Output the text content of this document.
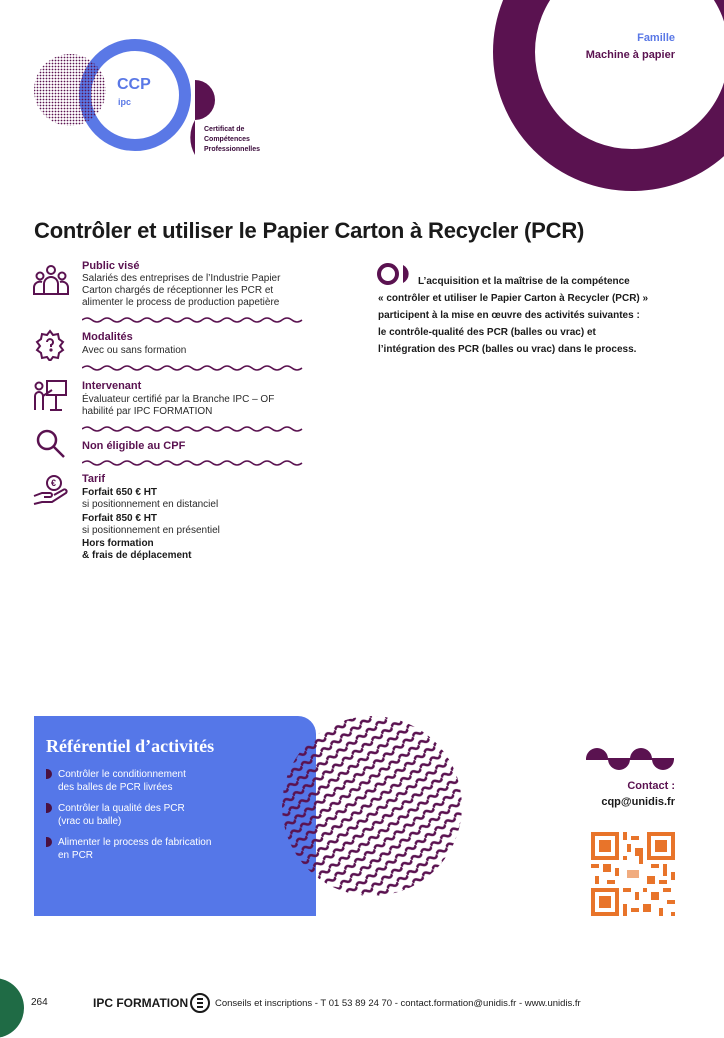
CCP
ipc
Certificat de
Compétences
Professionnelles
Famille
Machine à papier
Contrôler et utiliser le Papier Carton à Recycler (PCR)
Public visé
Salariés des entreprises de l’Industrie Papier
Carton chargés de réceptionner les PCR et
alimenter le process de production papetière
Modalités
Avec ou sans formation
Intervenant
Évaluateur certifié par la Branche IPC – OF
habilité par IPC FORMATION
Non éligible au CPF
€ Tarif
Forfait 650 € HT
si positionnement en distanciel
Forfait 850 € HT
si positionnement en présentiel
Hors formation
& frais de déplacement
L’acquisition et la maîtrise de la compétence
« contrôler et utiliser le Papier Carton à Recycler (PCR) »
participent à la mise en œuvre des activités suivantes :
le contrôle-qualité des PCR (balles ou vrac) et
l’intégration des PCR (balles ou vrac) dans le process.
Référentiel d’activités
Contrôler le conditionnement
des balles de PCR livrées
Contrôler la qualité des PCR
(vrac ou balle)
Alimenter le process de fabrication
en PCR
Contact :
cqp@unidis.fr
264	IPC FORMATION	Conseils et inscriptions - T 01 53 89 24 70 - contact.formation@unidis.fr - www.unidis.fr
